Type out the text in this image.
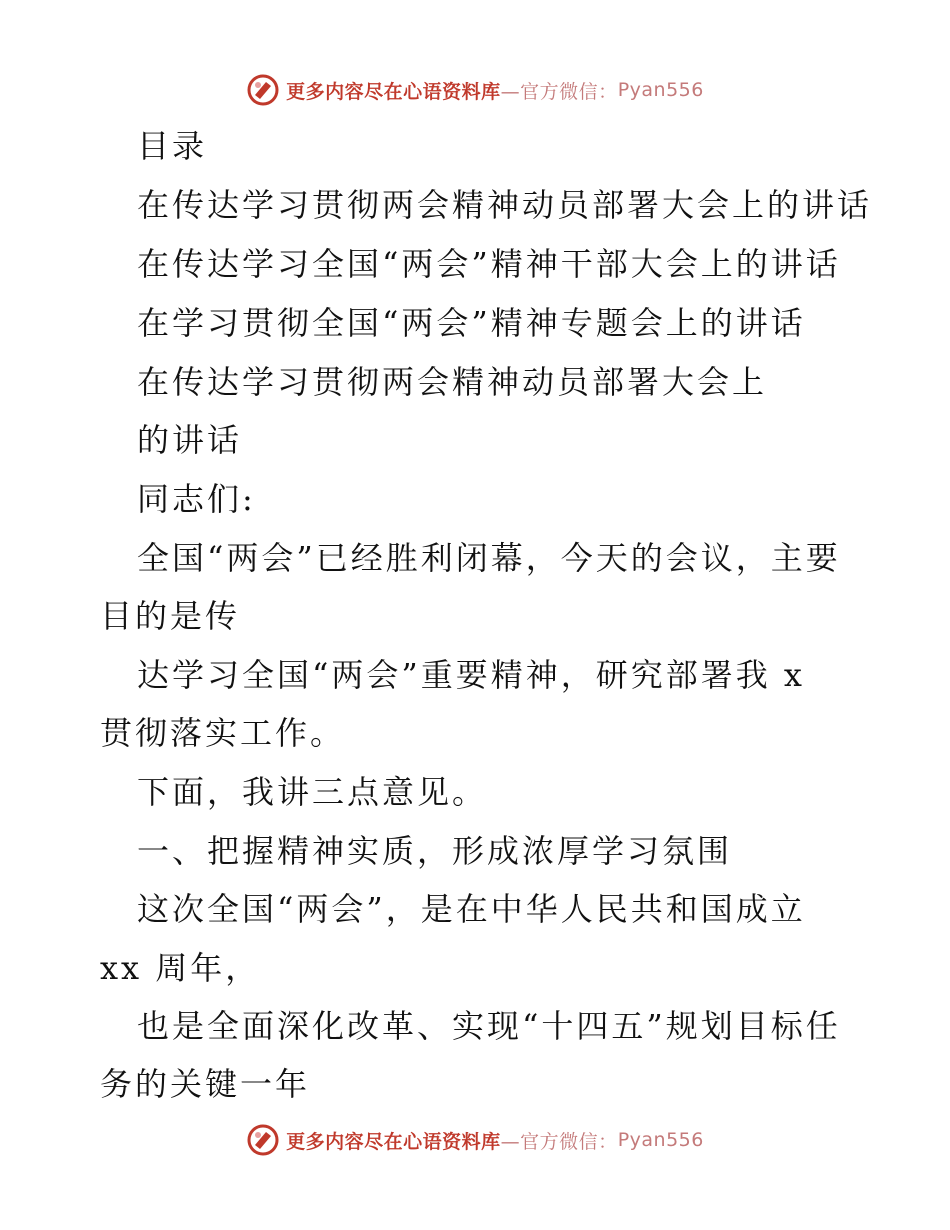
更多内容尽在心语资料库 —官方微信： Pyan556
目录
在传达学习贯彻两会精神动员部署大会上的讲话
在传达学习全国“两会”精神干部大会上的讲话
在学习贯彻全国“两会”精神专题会上的讲话
在传达学习贯彻两会精神动员部署大会上
的讲话
同志们:
全国“两会”已经胜利闭幕，今天的会议，主要
目的是传
达学习全国“两会”重要精神，研究部署我 x
贯彻落实工作。
下面，我讲三点意见。
一、把握精神实质，形成浓厚学习氛围
这次全国“两会”，是在中华人民共和国成立
xx 周年，
也是全面深化改革、实现“十四五”规划目标任
务的关键一年
更多内容尽在心语资料库 —官方微信： Pyan556
